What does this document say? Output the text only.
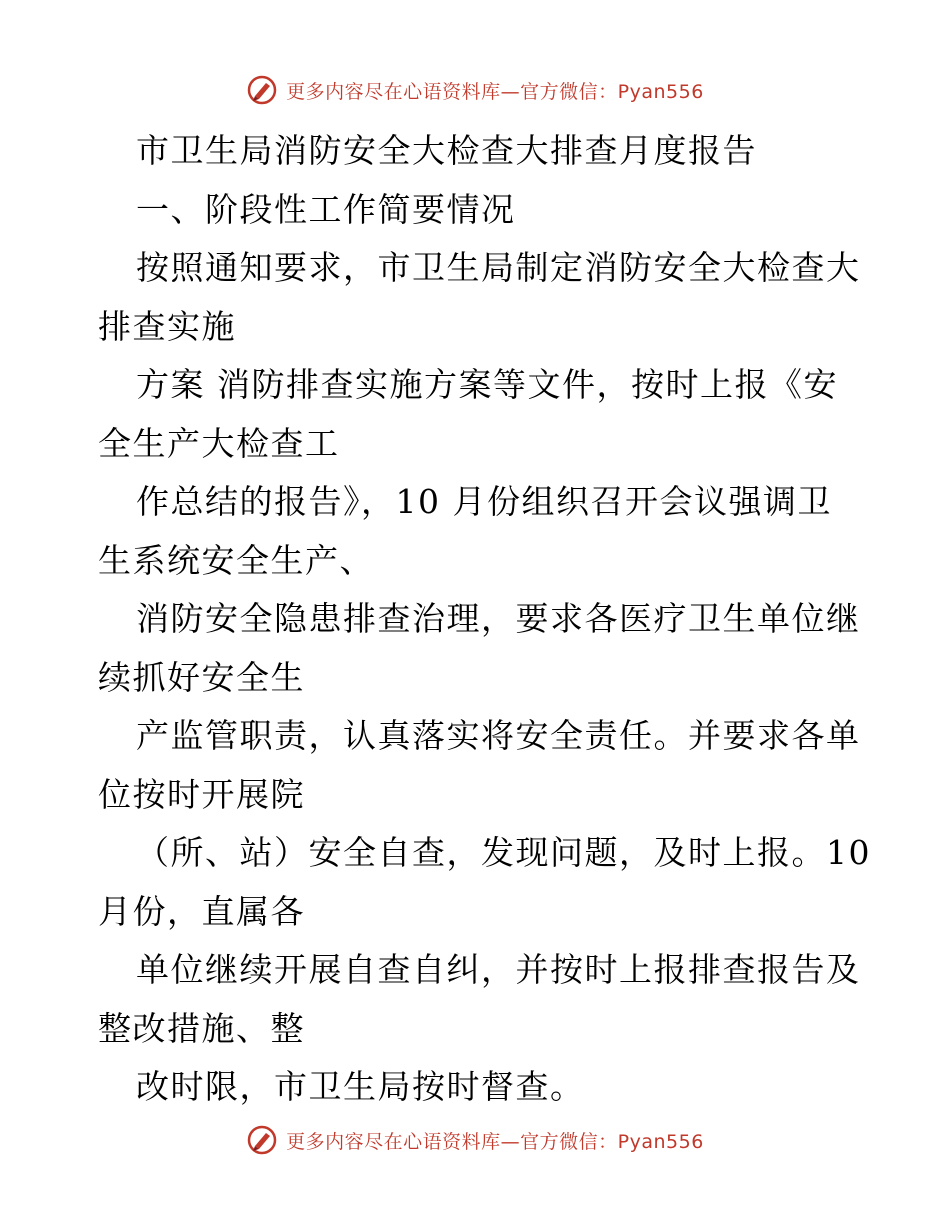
更多内容尽在心语资料库—官方微信：Pyan556
市卫生局消防安全大检查大排查月度报告
一、阶段性工作简要情况
按照通知要求，市卫生局制定消防安全大检查大
排查实施
方案 消防排查实施方案等文件，按时上报《安
全生产大检查工
作总结的报告》，10 月份组织召开会议强调卫
生系统安全生产、
消防安全隐患排查治理，要求各医疗卫生单位继
续抓好安全生
产监管职责，认真落实将安全责任。并要求各单
位按时开展院
（所、站）安全自查，发现问题，及时上报。10
月份，直属各
单位继续开展自查自纠，并按时上报排查报告及
整改措施、整
改时限，市卫生局按时督查。
更多内容尽在心语资料库—官方微信：Pyan556
